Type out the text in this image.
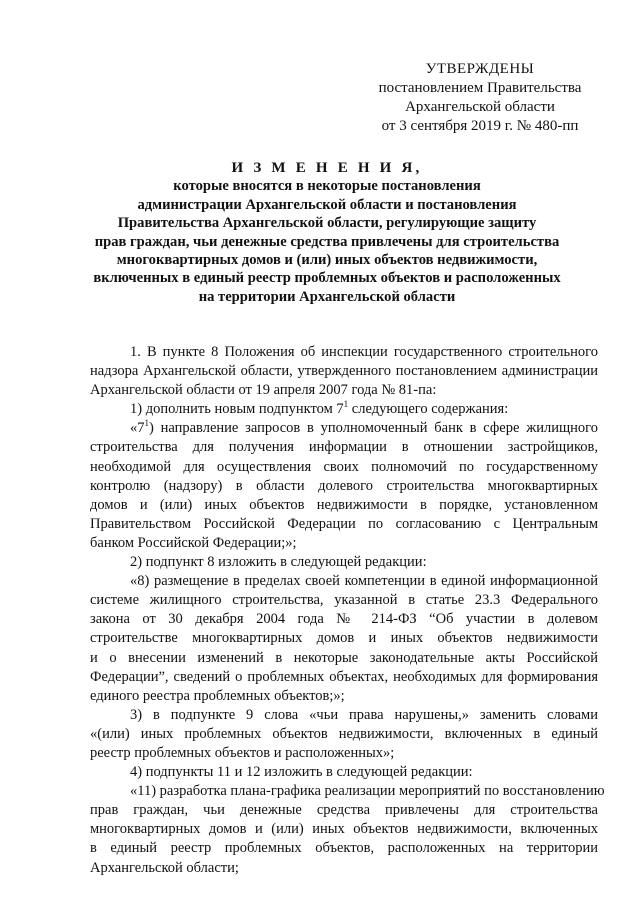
УТВЕРЖДЕНЫ
постановлением Правительства
Архангельской области
от 3 сентября 2019 г. № 480-пп
И З М Е Н Е Н И Я,
которые вносятся в некоторые постановления
администрации Архангельской области и постановления
Правительства Архангельской области, регулирующие защиту
прав граждан, чьи денежные средства привлечены для строительства
многоквартирных домов и (или) иных объектов недвижимости,
включенных в единый реестр проблемных объектов и расположенных
на территории Архангельской области
1. В пункте 8 Положения об инспекции государственного строительного
надзора Архангельской области, утвержденного постановлением администрации
Архангельской области от 19 апреля 2007 года № 81-па:
1) дополнить новым подпунктом $7^1$ следующего содержания:
«$7^1$) направление запросов в уполномоченный банк в сфере жилищного
строительства для получения информации в отношении застройщиков,
необходимой для осуществления своих полномочий по государственному
контролю (надзору) в области долевого строительства многоквартирных
домов и (или) иных объектов недвижимости в порядке, установленном
Правительством Российской Федерации по согласованию с Центральным
банком Российской Федерации;»;
2) подпункт 8 изложить в следующей редакции:
«8) размещение в пределах своей компетенции в единой информационной
системе жилищного строительства, указанной в статье 23.3 Федерального
закона от 30 декабря 2004 года № 214-ФЗ “Об участии в долевом
строительстве многоквартирных домов и иных объектов недвижимости
и о внесении изменений в некоторые законодательные акты Российской
Федерации”, сведений о проблемных объектах, необходимых для формирования
единого реестра проблемных объектов;»;
3) в подпункте 9 слова «чьи права нарушены,» заменить словами
«(или) иных проблемных объектов недвижимости, включенных в единый
реестр проблемных объектов и расположенных»;
4) подпункты 11 и 12 изложить в следующей редакции:
«11) разработка плана-графика реализации мероприятий по восстановлению
прав граждан, чьи денежные средства привлечены для строительства
многоквартирных домов и (или) иных объектов недвижимости, включенных
в единый реестр проблемных объектов, расположенных на территории
Архангельской области;
